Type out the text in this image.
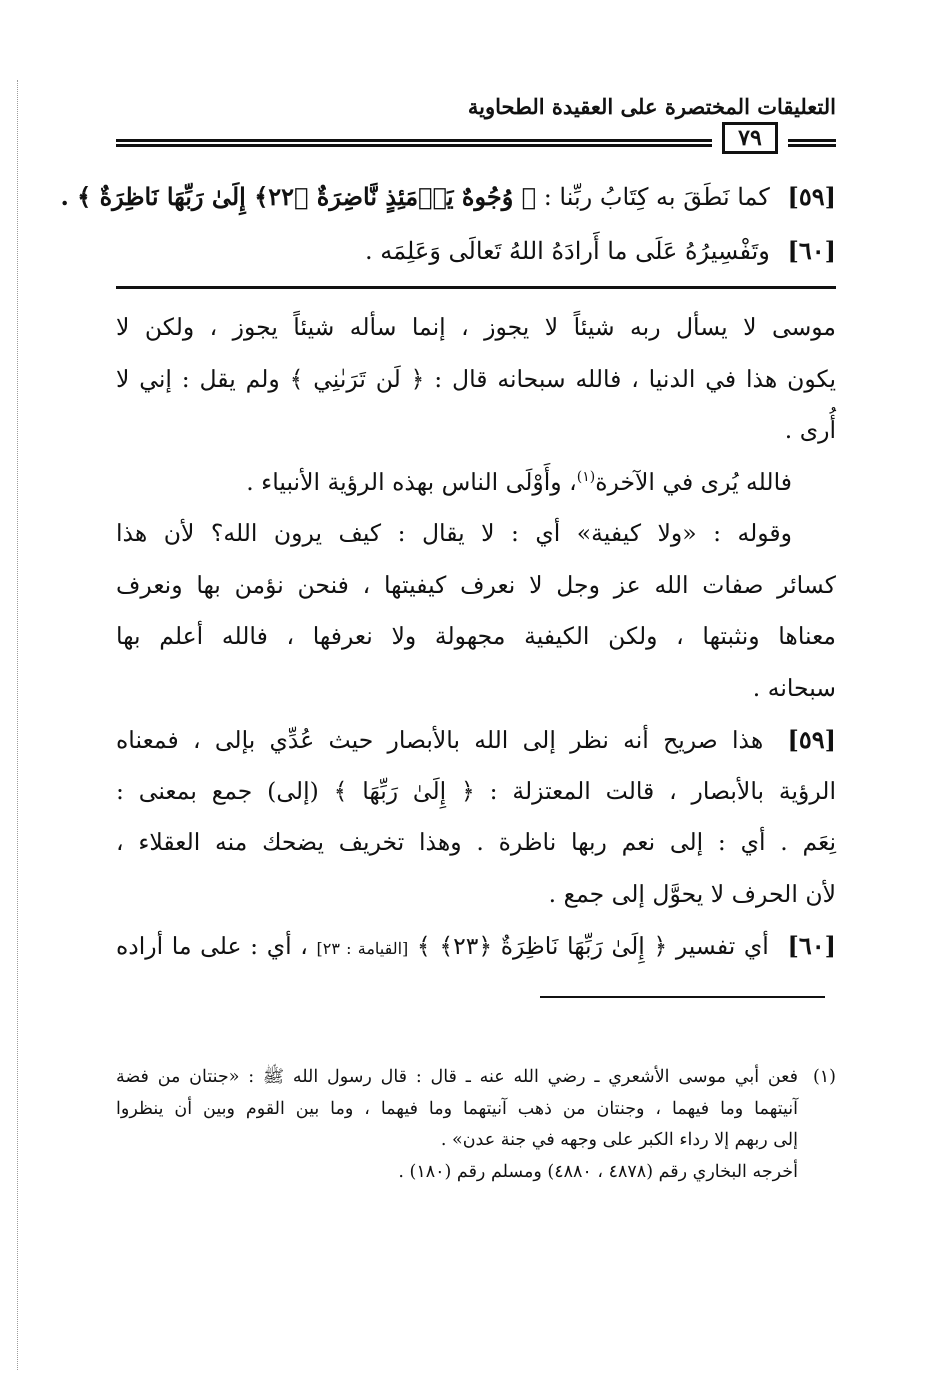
التعليقات المختصرة على العقيدة الطحاوية
٧٩
[٥٩] كما نَطَقَ به كِتَابُ ربِّنا : ﴿ وُجُوهٌ يَوۡمَئِذٍ نَّاضِرَةٌ ﴿٢٢﴾ إِلَىٰ رَبِّهَا نَاظِرَةٌ ﴾ .
[٦٠] وتَفْسِيرُهُ عَلَى ما أَرادَهُ اللهُ تَعالَى وَعَلِمَه .
موسى لا يسأل ربه شيئاً لا يجوز ، إنما سأله شيئاً يجوز ، ولكن لا
يكون هذا في الدنيا ، فالله سبحانه قال : ﴿ لَن تَرَىٰنِي ﴾ ولم يقل : إني لا
أُرى .
فالله يُرى في الآخرة$^{(١)}$، وأَوْلَى الناس بهذه الرؤية الأنبياء .
وقوله : «ولا كيفية» أي : لا يقال : كيف يرون الله؟ لأن هذا
كسائر صفات الله عز وجل لا نعرف كيفيتها ، فنحن نؤمن بها ونعرف
معناها ونثبتها ، ولكن الكيفية مجهولة ولا نعرفها ، فالله أعلم بها
سبحانه .
[٥٩] هذا صريح أنه نظر إلى الله بالأبصار حيث عُدِّي بإلى ، فمعناه
الرؤية بالأبصار ، قالت المعتزلة : ﴿ إِلَىٰ رَبِّهَا ﴾ (إلى) جمع بمعنى :
نِعَم . أي : إلى نعم ربها ناظرة . وهذا تخريف يضحك منه العقلاء ،
لأن الحرف لا يحوَّل إلى جمع .
[٦٠] أي تفسير ﴿ إِلَىٰ رَبِّهَا نَاظِرَةٌ ﴿٢٣﴾ ﴾ [القيامة : ٢٣] ، أي : على ما أراده
(١)فعن أبي موسى الأشعري ـ رضي الله عنه ـ قال : قال رسول الله ﷺ : «جنتان من فضة
آنيتهما وما فيهما ، وجنتان من ذهب آنيتهما وما فيهما ، وما بين القوم وبين أن ينظروا
إلى ربهم إلا رداء الكبر على وجهه في جنة عدن» .
أخرجه البخاري رقم (٤٨٧٨ ، ٤٨٨٠) ومسلم رقم (١٨٠) .
